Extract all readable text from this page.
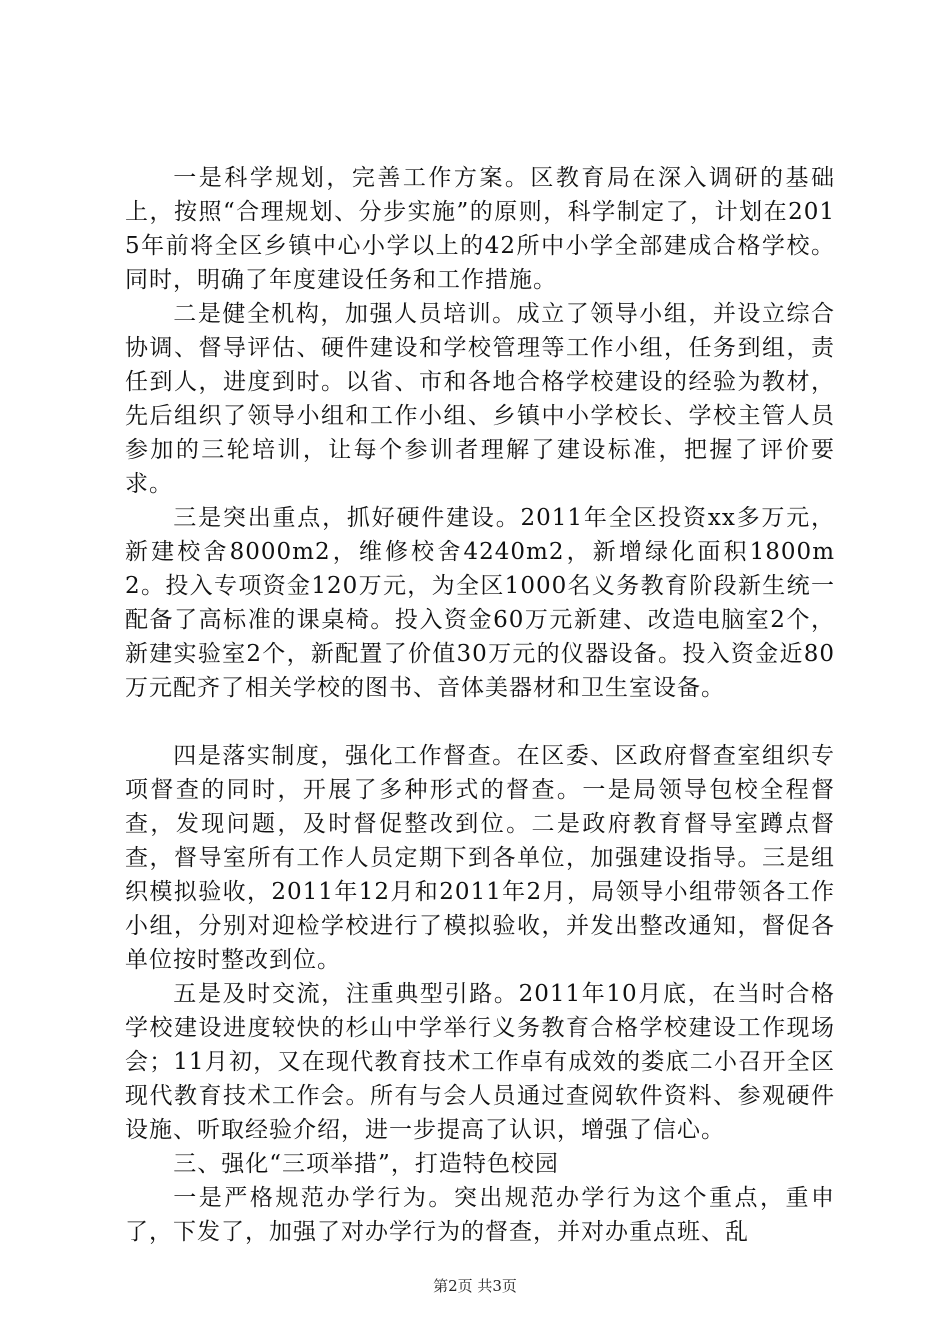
一是科学规划，完善工作方案。区教育局在深入调研的基础上，按照“合理规划、分步实施”的原则，科学制定了，计划在2015年前将全区乡镇中心小学以上的42所中小学全部建成合格学校。同时，明确了年度建设任务和工作措施。

二是健全机构，加强人员培训。成立了领导小组，并设立综合协调、督导评估、硬件建设和学校管理等工作小组，任务到组，责任到人，进度到时。以省、市和各地合格学校建设的经验为教材，先后组织了领导小组和工作小组、乡镇中小学校长、学校主管人员参加的三轮培训，让每个参训者理解了建设标准，把握了评价要求。

三是突出重点，抓好硬件建设。2011年全区投资xx多万元，新建校舍8000m2，维修校舍4240m2，新增绿化面积1800m2。投入专项资金120万元，为全区1000名义务教育阶段新生统一配备了高标准的课桌椅。投入资金60万元新建、改造电脑室2个，新建实验室2个，新配置了价值30万元的仪器设备。投入资金近80万元配齐了相关学校的图书、音体美器材和卫生室设备。

四是落实制度，强化工作督查。在区委、区政府督查室组织专项督查的同时，开展了多种形式的督查。一是局领导包校全程督查，发现问题，及时督促整改到位。二是政府教育督导室蹲点督查，督导室所有工作人员定期下到各单位，加强建设指导。三是组织模拟验收，2011年12月和2011年2月，局领导小组带领各工作小组，分别对迎检学校进行了模拟验收，并发出整改通知，督促各单位按时整改到位。

五是及时交流，注重典型引路。2011年10月底，在当时合格学校建设进度较快的杉山中学举行义务教育合格学校建设工作现场会；11月初，又在现代教育技术工作卓有成效的娄底二小召开全区现代教育技术工作会。所有与会人员通过查阅软件资料、参观硬件设施、听取经验介绍，进一步提高了认识，增强了信心。

三、强化“三项举措”，打造特色校园

一是严格规范办学行为。突出规范办学行为这个重点，重申了，下发了，加强了对办学行为的督查，并对办重点班、乱

第2页 共3页
